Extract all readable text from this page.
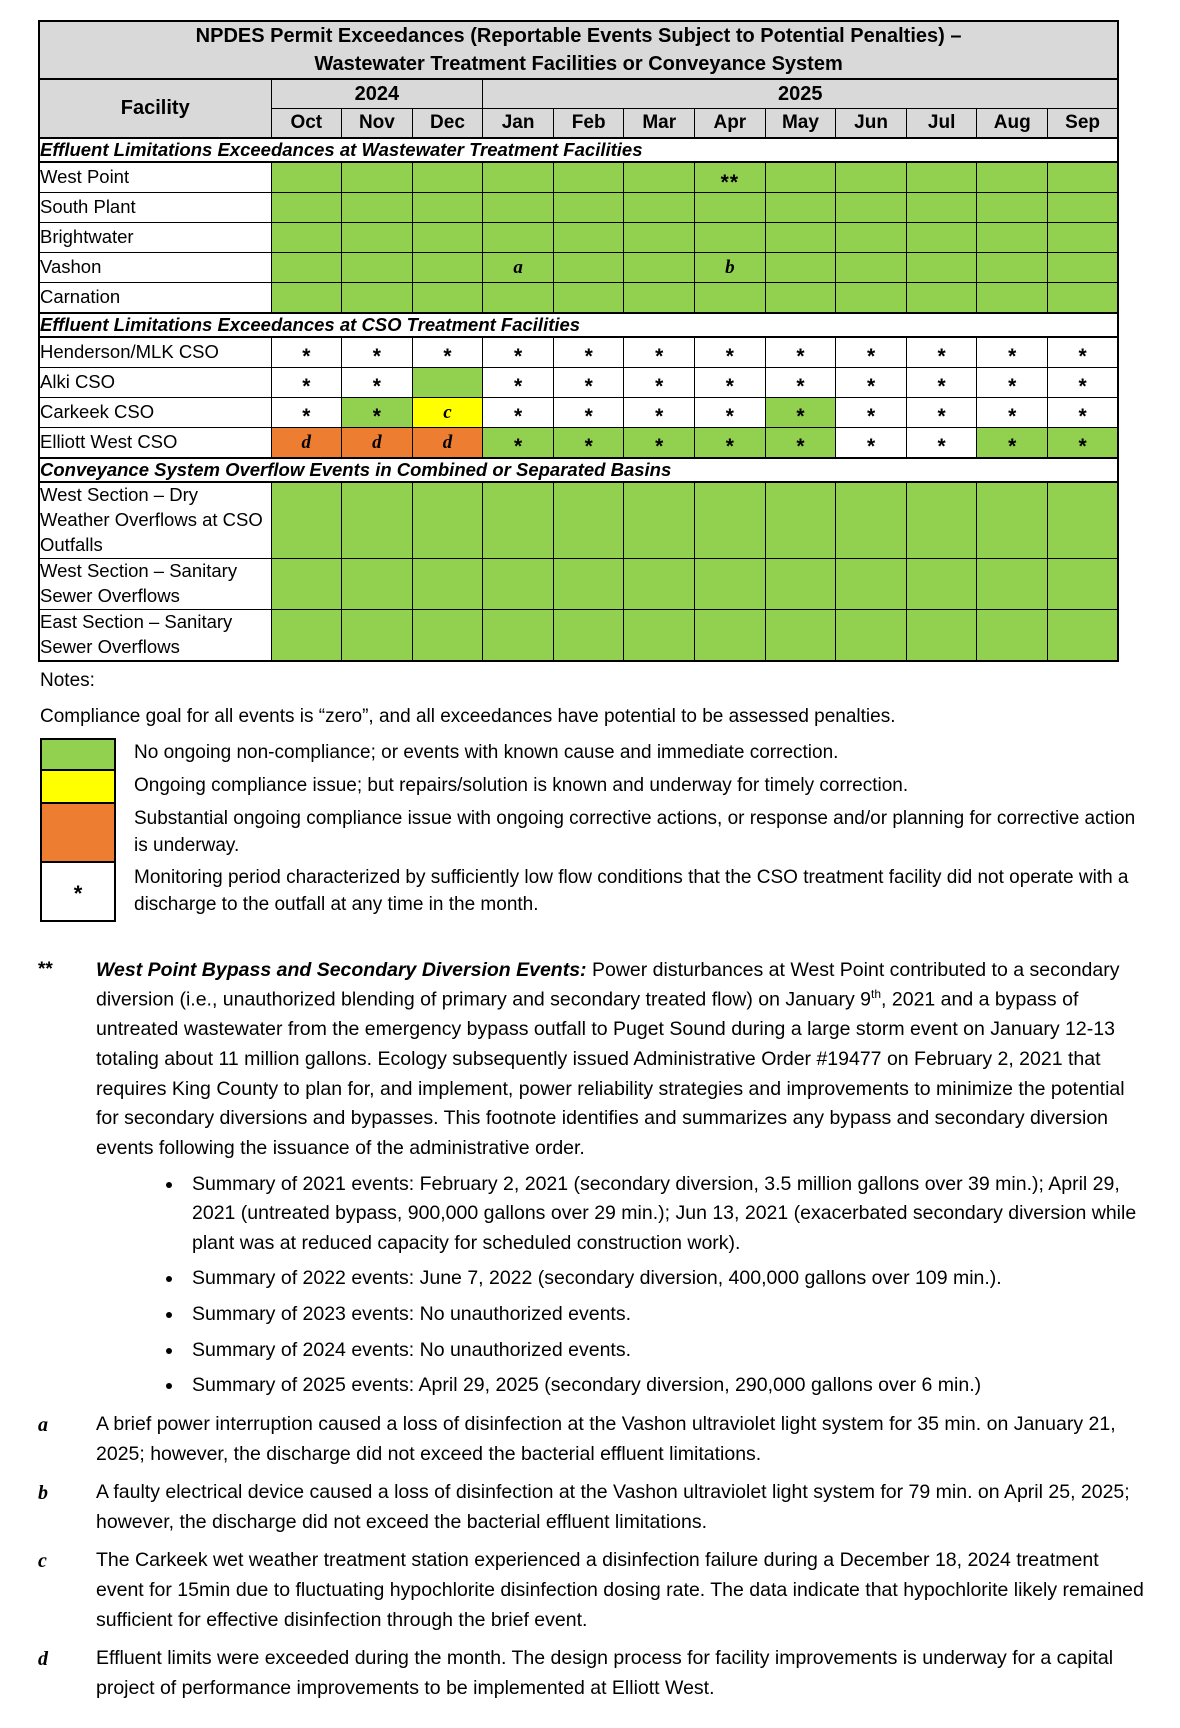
NPDES Permit Exceedances (Reportable Events Subject to Potential Penalties) –
Wastewater Treatment Facilities or Conveyance System												

Facility	2024			2025								
	Oct	Nov	Dec	Jan	Feb	Mar	Apr	May	Jun	Jul	Aug	Sep
Effluent Limitations Exceedances at Wastewater Treatment Facilities												
West Point							**					
South Plant												
Brightwater												
Vashon				a			b					
Carnation												
Effluent Limitations Exceedances at CSO Treatment Facilities												
Henderson/MLK CSO	*	*	*	*	*	*	*	*	*	*	*	*
Alki CSO	*	*		*	*	*	*	*	*	*	*	*
Carkeek CSO	*	*	c	*	*	*	*	*	*	*	*	*
Elliott West CSO	d	d	d	*	*	*	*	*	*	*	*	*
Conveyance System Overflow Events in Combined or Separated Basins												
West Section – Dry Weather Overflows at CSO Outfalls												
West Section – Sanitary Sewer Overflows												
East Section – Sanitary Sewer Overflows												
Notes:
Compliance goal for all events is “zero”, and all exceedances have potential to be assessed penalties.
No ongoing non-compliance; or events with known cause and immediate correction.
Ongoing compliance issue; but repairs/solution is known and underway for timely correction.
Substantial ongoing compliance issue with ongoing corrective actions, or response and/or planning for corrective action is underway.
*
Monitoring period characterized by sufficiently low flow conditions that the CSO treatment facility did not operate with a discharge to the outfall at any time in the month.
**	West Point Bypass and Secondary Diversion Events: Power disturbances at West Point contributed to a secondary diversion (i.e., unauthorized blending of primary and secondary treated flow) on January 9th, 2021 and a bypass of untreated wastewater from the emergency bypass outfall to Puget Sound during a large storm event on January 12-13 totaling about 11 million gallons. Ecology subsequently issued Administrative Order #19477 on February 2, 2021 that requires King County to plan for, and implement, power reliability strategies and improvements to minimize the potential for secondary diversions and bypasses. This footnote identifies and summarizes any bypass and secondary diversion events following the issuance of the administrative order.
• Summary of 2021 events: February 2, 2021 (secondary diversion, 3.5 million gallons over 39 min.); April 29, 2021 (untreated bypass, 900,000 gallons over 29 min.); Jun 13, 2021 (exacerbated secondary diversion while plant was at reduced capacity for scheduled construction work).
• Summary of 2022 events: June 7, 2022 (secondary diversion, 400,000 gallons over 109 min.).
• Summary of 2023 events: No unauthorized events.
• Summary of 2024 events: No unauthorized events.
• Summary of 2025 events: April 29, 2025 (secondary diversion, 290,000 gallons over 6 min.)
a	A brief power interruption caused a loss of disinfection at the Vashon ultraviolet light system for 35 min. on January 21, 2025; however, the discharge did not exceed the bacterial effluent limitations.
b	A faulty electrical device caused a loss of disinfection at the Vashon ultraviolet light system for 79 min. on April 25, 2025; however, the discharge did not exceed the bacterial effluent limitations.
c	The Carkeek wet weather treatment station experienced a disinfection failure during a December 18, 2024 treatment event for 15min due to fluctuating hypochlorite disinfection dosing rate. The data indicate that hypochlorite likely remained sufficient for effective disinfection through the brief event.
d	Effluent limits were exceeded during the month. The design process for facility improvements is underway for a capital project of performance improvements to be implemented at Elliott West.
